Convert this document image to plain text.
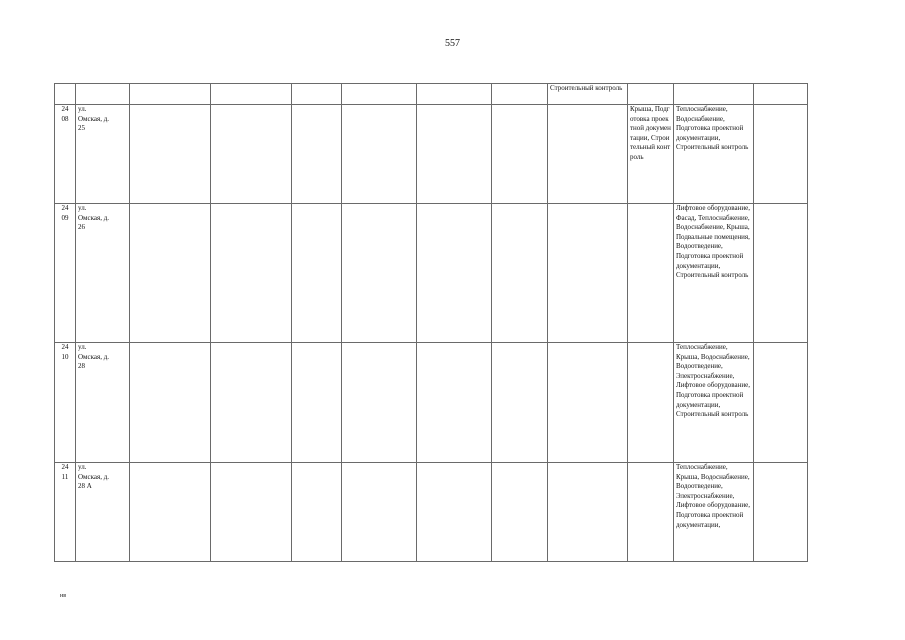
557

								Строительный контроль			

24
08	ул.
Омская, д.
25								Крыша, Подготовка проектной документации, Строительный контроль	Теплоснабжение, Водоснабжение, Подготовка проектной документации, Строительный контроль	

24
09	ул.
Омская, д.
26									Лифтовое оборудование, Фасад, Теплоснабжение, Водоснабжение, Крыша, Подвальные помещения, Водоотведение, Подготовка проектной документации, Строительный контроль	

24
10	ул.
Омская, д.
28									Теплоснабжение, Крыша, Водоснабжение, Водоотведение, Электроснабжение, Лифтовое оборудование, Подготовка проектной документации, Строительный контроль	

24
11	ул.
Омская, д.
28 А									Теплоснабжение, Крыша, Водоснабжение, Водоотведение, Электроснабжение, Лифтовое оборудование, Подготовка проектной документации,	

нв
